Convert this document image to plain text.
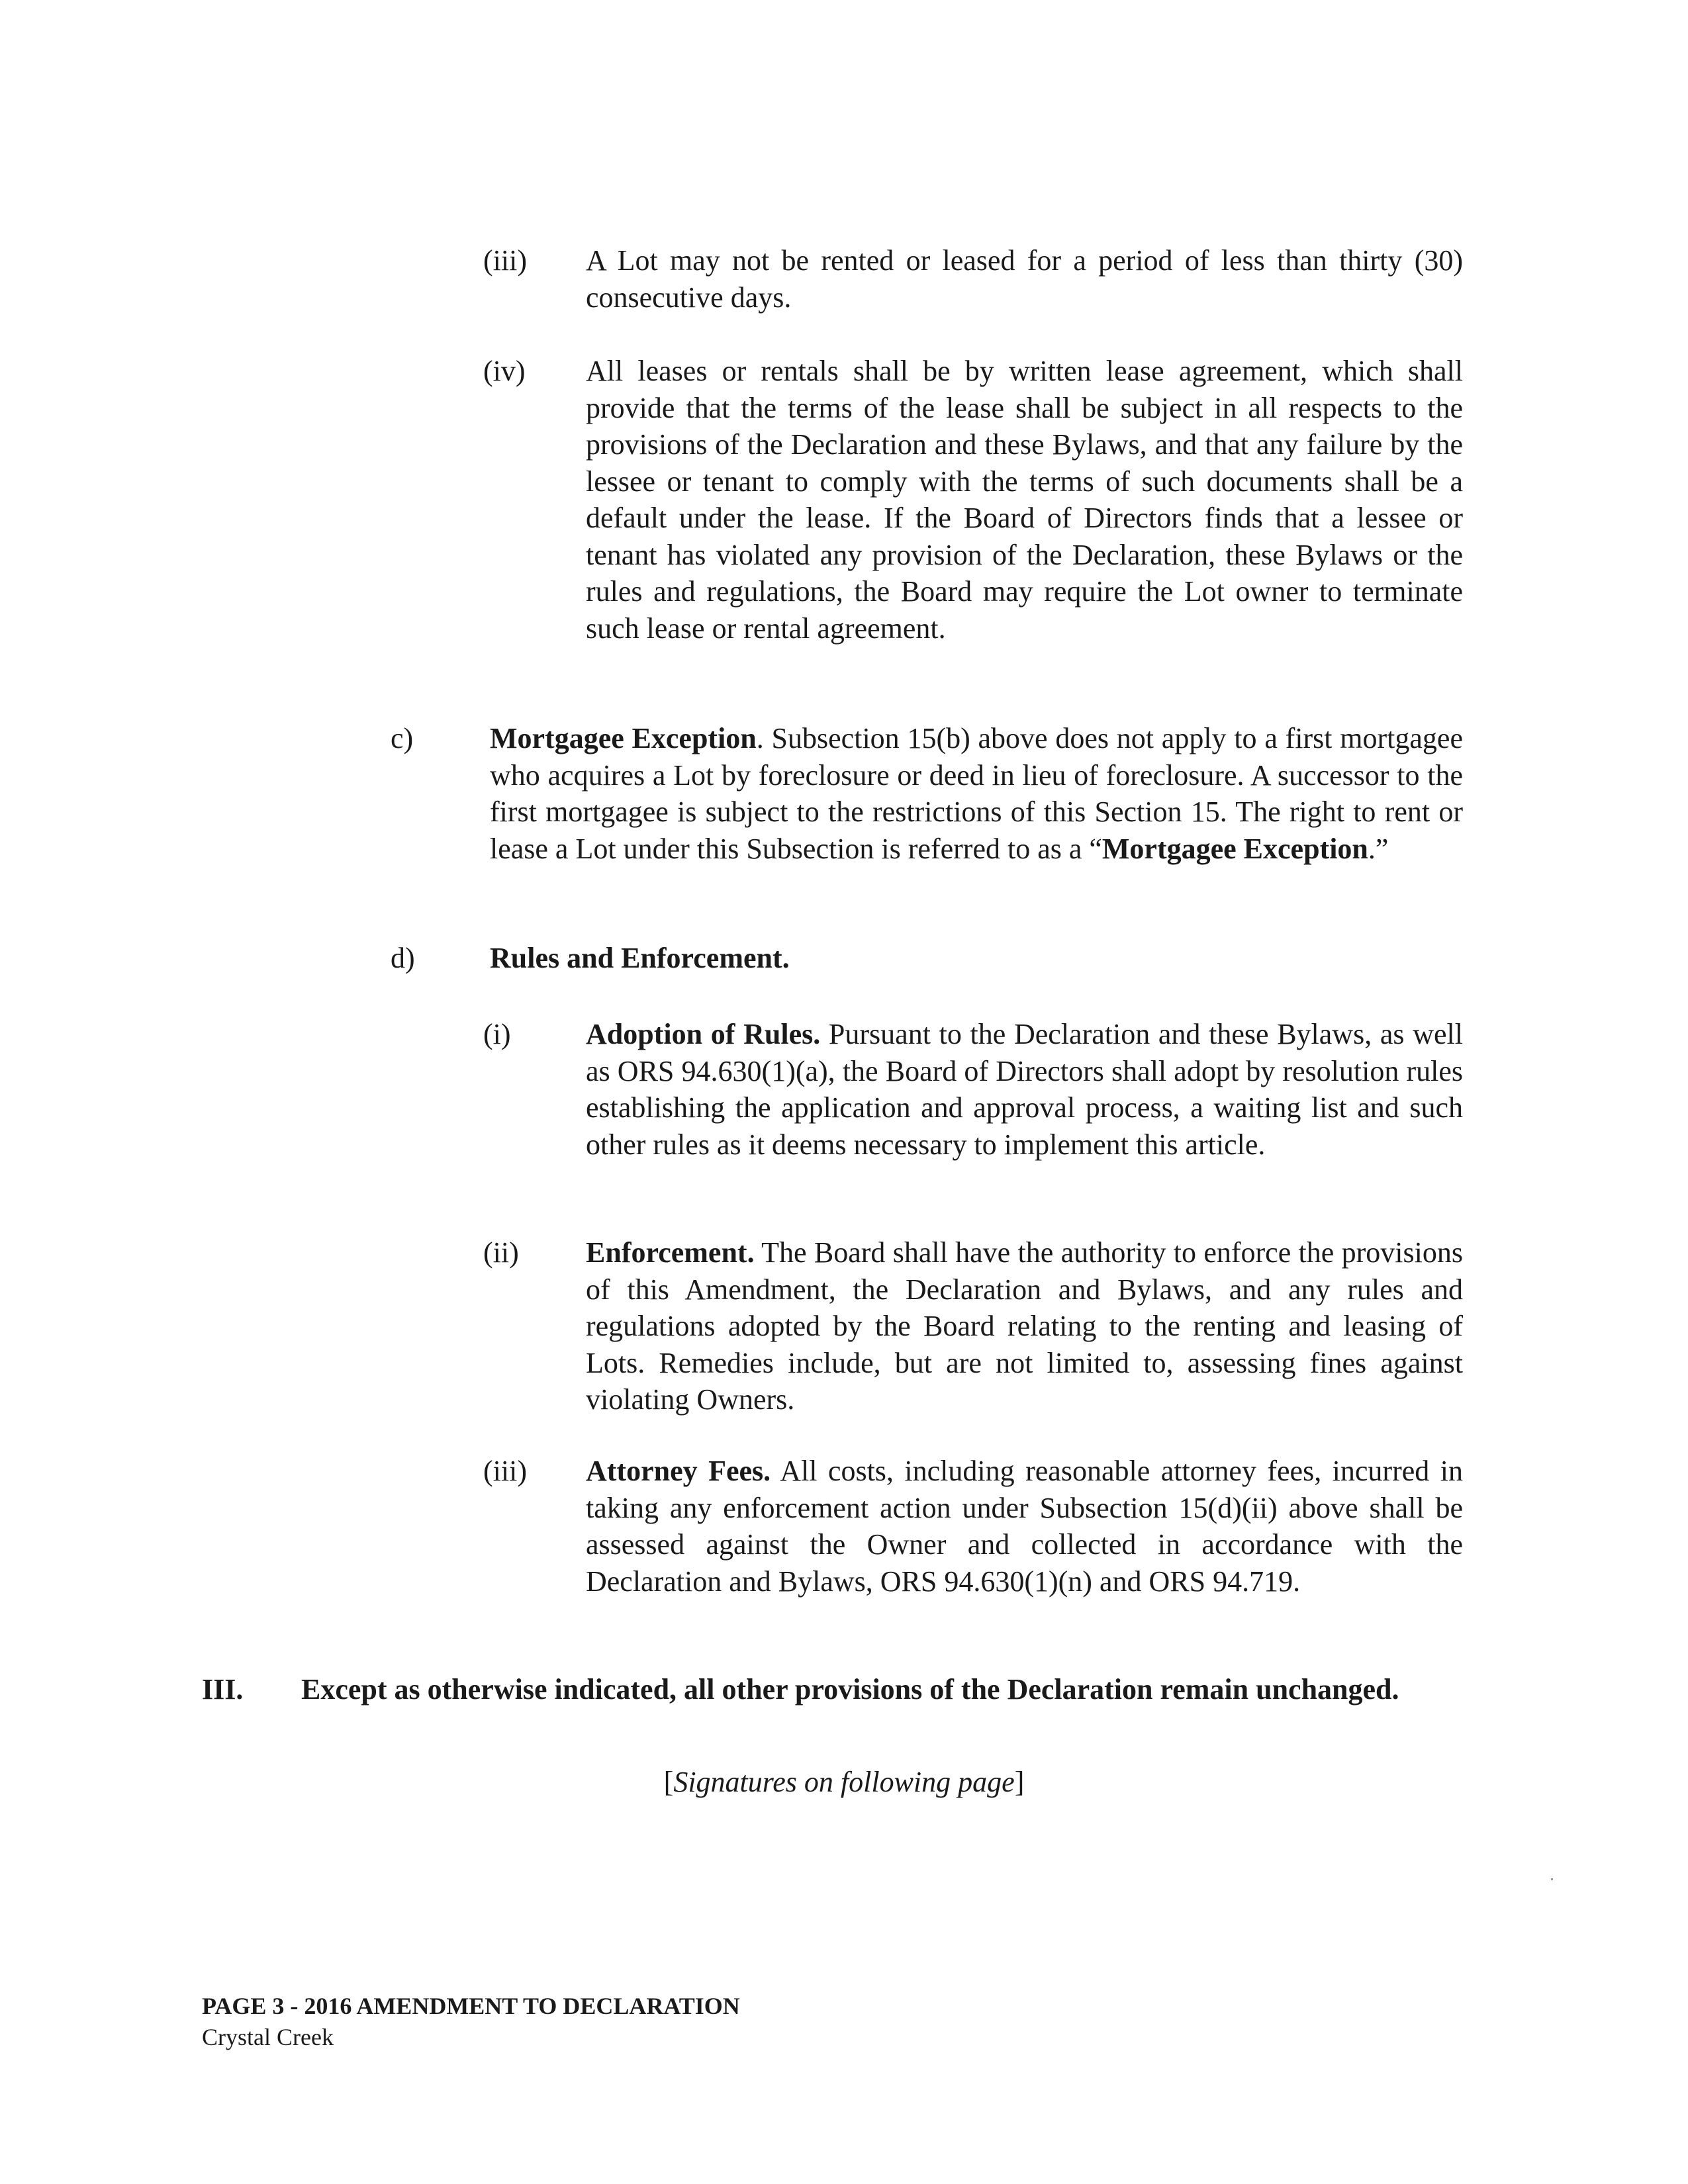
(iii) A Lot may not be rented or leased for a period of less than thirty (30) consecutive days.

(iv) All leases or rentals shall be by written lease agreement, which shall provide that the terms of the lease shall be subject in all respects to the provisions of the Declaration and these Bylaws, and that any failure by the lessee or tenant to comply with the terms of such documents shall be a default under the lease. If the Board of Directors finds that a lessee or tenant has violated any provision of the Declaration, these Bylaws or the rules and regulations, the Board may require the Lot owner to terminate such lease or rental agreement.

c)	Mortgagee Exception. Subsection 15(b) above does not apply to a first mortgagee who acquires a Lot by foreclosure or deed in lieu of foreclosure. A successor to the first mortgagee is subject to the restrictions of this Section 15. The right to rent or lease a Lot under this Subsection is referred to as a “Mortgagee Exception.”

d)	Rules and Enforcement.

(i)	Adoption of Rules. Pursuant to the Declaration and these Bylaws, as well as ORS 94.630(1)(a), the Board of Directors shall adopt by resolution rules establishing the application and approval process, a waiting list and such other rules as it deems necessary to implement this article.

(ii) Enforcement. The Board shall have the authority to enforce the provisions of this Amendment, the Declaration and Bylaws, and any rules and regulations adopted by the Board relating to the renting and leasing of Lots. Remedies include, but are not limited to, assessing fines against violating Owners.

(iii) Attorney Fees. All costs, including reasonable attorney fees, incurred in taking any enforcement action under Subsection 15(d)(ii) above shall be assessed against the Owner and collected in accordance with the Declaration and Bylaws, ORS 94.630(1)(n) and ORS 94.719.

III. Except as otherwise indicated, all other provisions of the Declaration remain unchanged.

[Signatures on following page]
PAGE 3 - 2016 AMENDMENT TO DECLARATION
Crystal Creek
